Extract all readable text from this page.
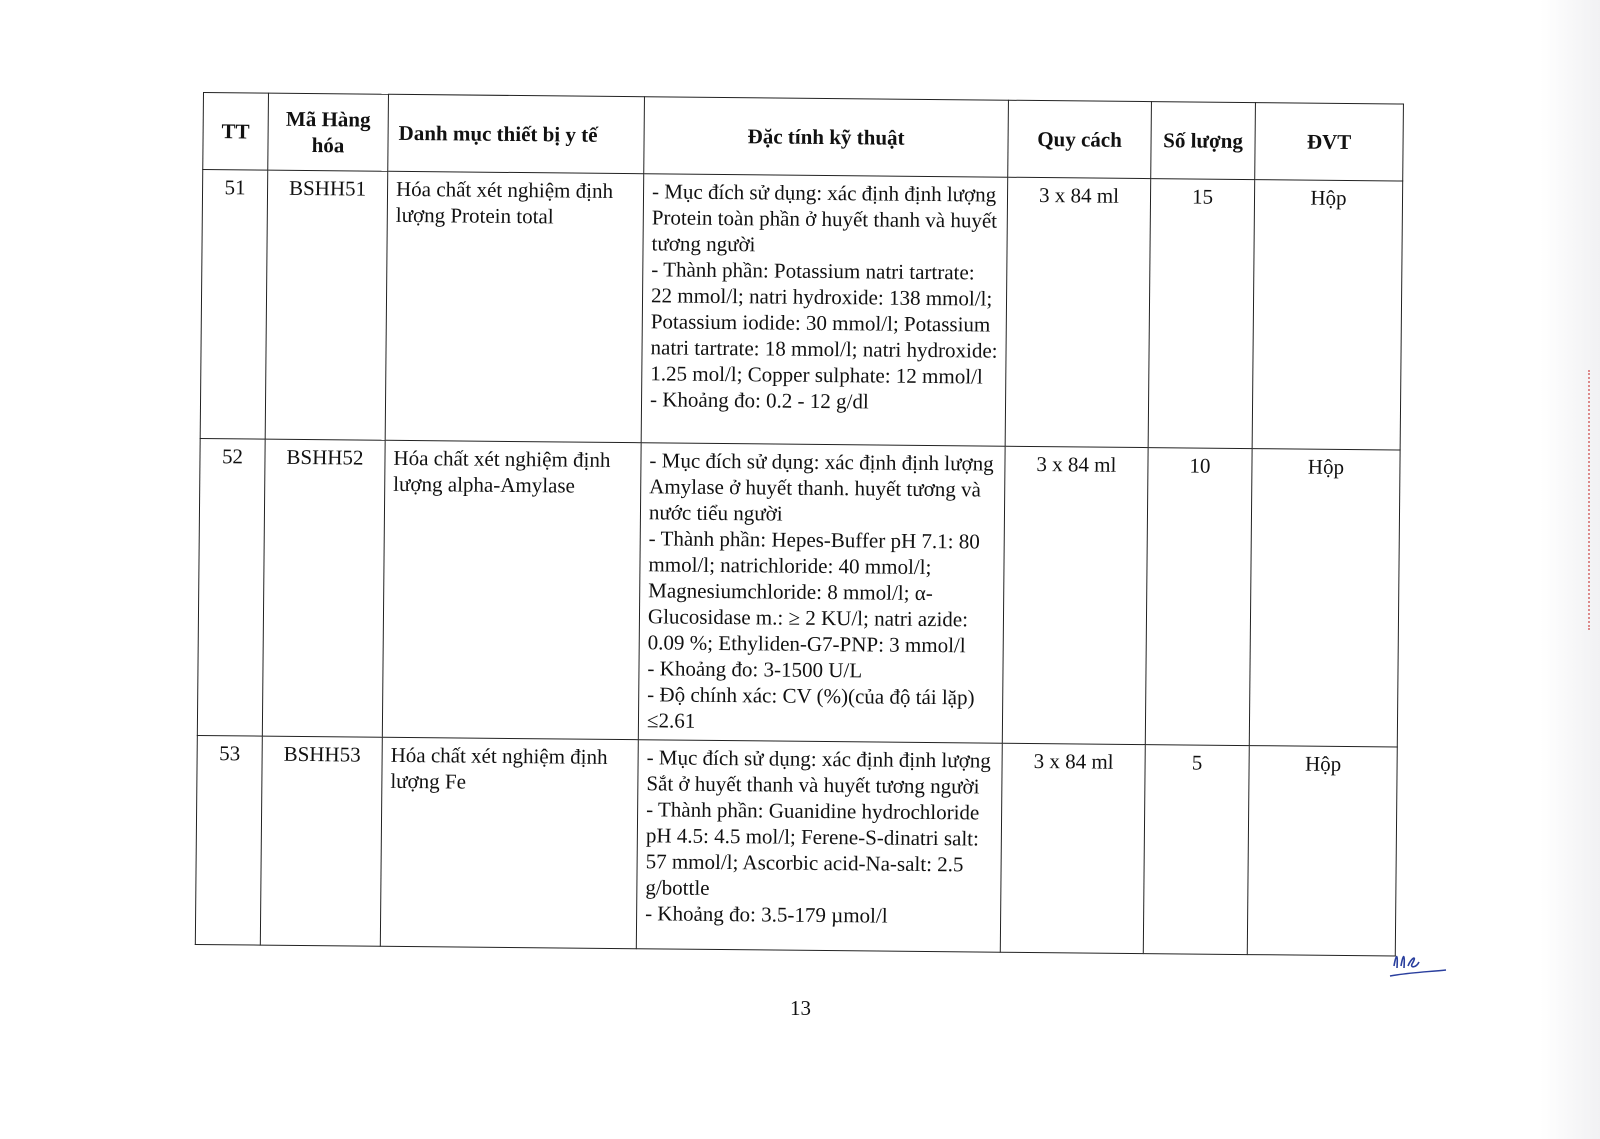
TT	Mã Hàng hóa	Danh mục thiết bị y tế	Đặc tính kỹ thuật	Quy cách	Số lượng	ĐVT
51	BSHH51	Hóa chất xét nghiệm định lượng Protein total	- Mục đích sử dụng: xác định định lượng Protein toàn phần ở huyết thanh và huyết tương người
- Thành phần: Potassium natri tartrate: 22 mmol/l; natri hydroxide: 138 mmol/l; Potassium iodide: 30 mmol/l; Potassium natri tartrate: 18 mmol/l; natri hydroxide: 1.25 mol/l; Copper sulphate: 12 mmol/l
- Khoảng đo: 0.2 - 12 g/dl	3 x 84 ml	15	Hộp
52	BSHH52	Hóa chất xét nghiệm định lượng alpha-Amylase	- Mục đích sử dụng: xác định định lượng Amylase ở huyết thanh. huyết tương và nước tiểu người
- Thành phần: Hepes-Buffer pH 7.1: 80 mmol/l; natrichloride: 40 mmol/l; Magnesiumchloride: 8 mmol/l; α-Glucosidase m.: ≥ 2 KU/l; natri azide: 0.09 %; Ethyliden-G7-PNP: 3 mmol/l
- Khoảng đo: 3-1500 U/L
- Độ chính xác: CV (%)(của độ tái lặp) ≤2.61	3 x 84 ml	10	Hộp
53	BSHH53	Hóa chất xét nghiệm định lượng Fe	- Mục đích sử dụng: xác định định lượng Sắt ở huyết thanh và huyết tương người
- Thành phần: Guanidine hydrochloride pH 4.5: 4.5 mol/l; Ferene-S-dinatri salt: 57 mmol/l; Ascorbic acid-Na-salt: 2.5 g/bottle
- Khoảng đo: 3.5-179 µmol/l	3 x 84 ml	5	Hộp
13
